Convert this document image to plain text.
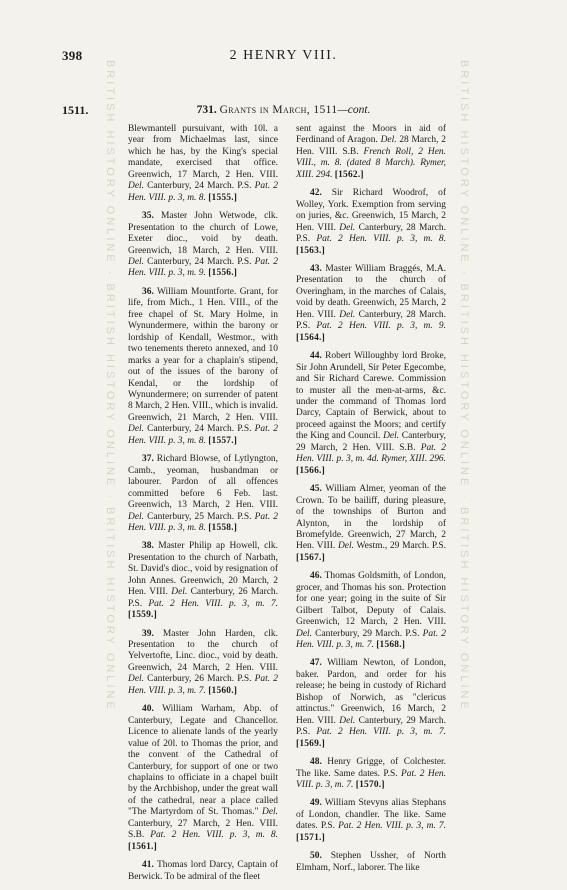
398	2 HENRY VIII.
1511.	731. Grants in March, 1511—cont.
BRITISH HISTORY ONLINE · BRITISH HISTORY ONLINE · BRITISH HISTORY ONLINE	BRITISH HISTORY ONLINE · BRITISH HISTORY ONLINE · BRITISH HISTORY ONLINE

Blewmantell pursuivant, with 10l. a year from Michaelmas last, since which he has, by the King's special mandate, exercised that office. Greenwich, 17 March, 2 Hen. VIII. Del. Canterbury, 24 March. P.S. Pat. 2 Hen. VIII. p. 3, m. 8. [1555.]

35. Master John Wetwode, clk. Presentation to the church of Lowe, Exeter dioc., void by death. Greenwich, 18 March, 2 Hen. VIII. Del. Canterbury, 24 March. P.S. Pat. 2 Hen. VIII. p. 3, m. 9. [1556.]

36. William Mountforte. Grant, for life, from Mich., 1 Hen. VIII., of the free chapel of St. Mary Holme, in Wynundermere, within the barony or lordship of Kendall, Westmor., with two tenements thereto annexed, and 10 marks a year for a chaplain's stipend, out of the issues of the barony of Kendal, or the lordship of Wynundermere; on surrender of patent 8 March, 2 Hen. VIII., which is invalid. Greenwich, 21 March, 2 Hen. VIII. Del. Canterbury, 24 March. P.S. Pat. 2 Hen. VIII. p. 3, m. 8. [1557.]

37. Richard Blowse, of Lytlyngton, Camb., yeoman, husbandman or labourer. Pardon of all offences committed before 6 Feb. last. Greenwich, 13 March, 2 Hen. VIII. Del. Canterbury, 25 March. P.S. Pat. 2 Hen. VIII. p. 3, m. 8. [1558.]

38. Master Philip ap Howell, clk. Presentation to the church of Narbath, St. David's dioc., void by resignation of John Annes. Greenwich, 20 March, 2 Hen. VIII. Del. Canterbury, 26 March. P.S. Pat. 2 Hen. VIII. p. 3, m. 7. [1559.]

39. Master John Harden, clk. Presentation to the church of Yelvertofte, Linc. dioc., void by death. Greenwich, 24 March, 2 Hen. VIII. Del. Canterbury, 26 March. P.S. Pat. 2 Hen. VIII. p. 3, m. 7. [1560.]

40. William Warham, Abp. of Canterbury, Legate and Chancellor. Licence to alienate lands of the yearly value of 20l. to Thomas the prior, and the convent of the Cathedral of Canterbury, for support of one or two chaplains to officiate in a chapel built by the Archbishop, under the great wall of the cathedral, near a place called "The Martyrdom of St. Thomas." Del. Canterbury, 27 March, 2 Hen. VIII. S.B. Pat. 2 Hen. VIII. p. 3, m. 8. [1561.]

41. Thomas lord Darcy, Captain of Berwick. To be admiral of the fleet

sent against the Moors in aid of Ferdinand of Aragon. Del. 28 March, 2 Hen. VIII. S.B. French Roll, 2 Hen. VIII., m. 8. (dated 8 March). Rymer, XIII. 294. [1562.]

42. Sir Richard Woodrof, of Wolley, York. Exemption from serving on juries, &c. Greenwich, 15 March, 2 Hen. VIII. Del. Canterbury, 28 March. P.S. Pat. 2 Hen. VIII. p. 3, m. 8. [1563.]

43. Master William Braggés, M.A. Presentation to the church of Overingham, in the marches of Calais, void by death. Greenwich, 25 March, 2 Hen. VIII. Del. Canterbury, 28 March. P.S. Pat. 2 Hen. VIII. p. 3, m. 9. [1564.]

44. Robert Willoughby lord Broke, Sir John Arundell, Sir Peter Egecombe, and Sir Richard Carewe. Commission to muster all the men-at-arms, &c. under the command of Thomas lord Darcy, Captain of Berwick, about to proceed against the Moors; and certify the King and Council. Del. Canterbury, 29 March, 2 Hen. VIII. S.B. Pat. 2 Hen. VIII. p. 3, m. 4d. Rymer, XIII. 296. [1566.]

45. William Almer, yeoman of the Crown. To be bailiff, during pleasure, of the townships of Burton and Alynton, in the lordship of Bromefylde. Greenwich, 27 March, 2 Hen. VIII. Del. Westm., 29 March. P.S. [1567.]

46. Thomas Goldsmith, of London, grocer, and Thomas his son. Protection for one year; going in the suite of Sir Gilbert Talbot, Deputy of Calais. Greenwich, 12 March, 2 Hen. VIII. Del. Canterbury, 29 March. P.S. Pat. 2 Hen. VIII. p. 3, m. 7. [1568.]

47. William Newton, of London, baker. Pardon, and order for his release; he being in custody of Richard Bishop of Norwich, as "clericus attinctus." Greenwich, 16 March, 2 Hen. VIII. Del. Canterbury, 29 March. P.S. Pat. 2 Hen. VIII. p. 3, m. 7. [1569.]

48. Henry Grigge, of Colchester. The like. Same dates. P.S. Pat. 2 Hen. VIII. p. 3, m. 7. [1570.]

49. William Stevyns alias Stephans of London, chandler. The like. Same dates. P.S. Pat. 2 Hen. VIII. p. 3, m. 7. [1571.]

50. Stephen Ussher, of North Elmham, Norf., laborer. The like
